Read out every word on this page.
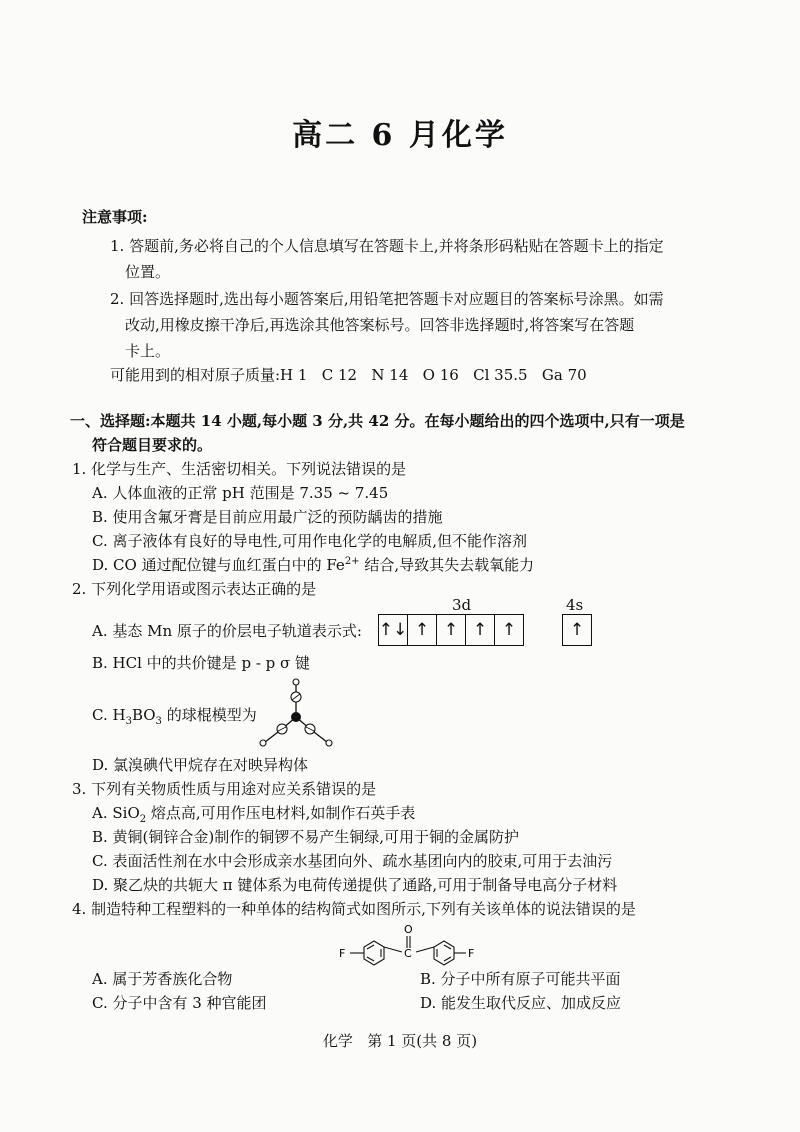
高二 6 月化学
注意事项:
1. 答题前,务必将自己的个人信息填写在答题卡上,并将条形码粘贴在答题卡上的指定
位置。
2. 回答选择题时,选出每小题答案后,用铅笔把答题卡对应题目的答案标号涂黑。如需
改动,用橡皮擦干净后,再选涂其他答案标号。回答非选择题时,将答案写在答题
卡上。
可能用到的相对原子质量:H 1   C 12   N 14   O 16   Cl 35.5   Ga 70
一、选择题:本题共 14 小题,每小题 3 分,共 42 分。在每小题给出的四个选项中,只有一项是
符合题目要求的。
1. 化学与生产、生活密切相关。下列说法错误的是
A. 人体血液的正常 pH 范围是 7.35 ~ 7.45
B. 使用含氟牙膏是目前应用最广泛的预防龋齿的措施
C. 离子液体有良好的导电性,可用作电化学的电解质,但不能作溶剂
D. CO 通过配位键与血红蛋白中的 $Fe^{2+}$ 结合,导致其失去载氧能力
2. 下列化学用语或图示表达正确的是
3d	4s
A. 基态 Mn 原子的价层电子轨道表示式: ↑↓ ↑ ↑ ↑ ↑	↑
B. HCl 中的共价键是 p - p σ 键
C. $H_3BO_3$ 的球棍模型为
D. 氯溴碘代甲烷存在对映异构体
3. 下列有关物质性质与用途对应关系错误的是
A. SiO$_2$ 熔点高,可用作压电材料,如制作石英手表
B. 黄铜(铜锌合金)制作的铜锣不易产生铜绿,可用于铜的金属防护
C. 表面活性剂在水中会形成亲水基团向外、疏水基团向内的胶束,可用于去油污
D. 聚乙炔的共轭大 π 键体系为电荷传递提供了通路,可用于制备导电高分子材料
4. 制造特种工程塑料的一种单体的结构简式如图所示,下列有关该单体的说法错误的是
F
O
C	F
A. 属于芳香族化合物	B. 分子中所有原子可能共平面
C. 分子中含有 3 种官能团	D. 能发生取代反应、加成反应
化学   第 1 页(共 8 页)
